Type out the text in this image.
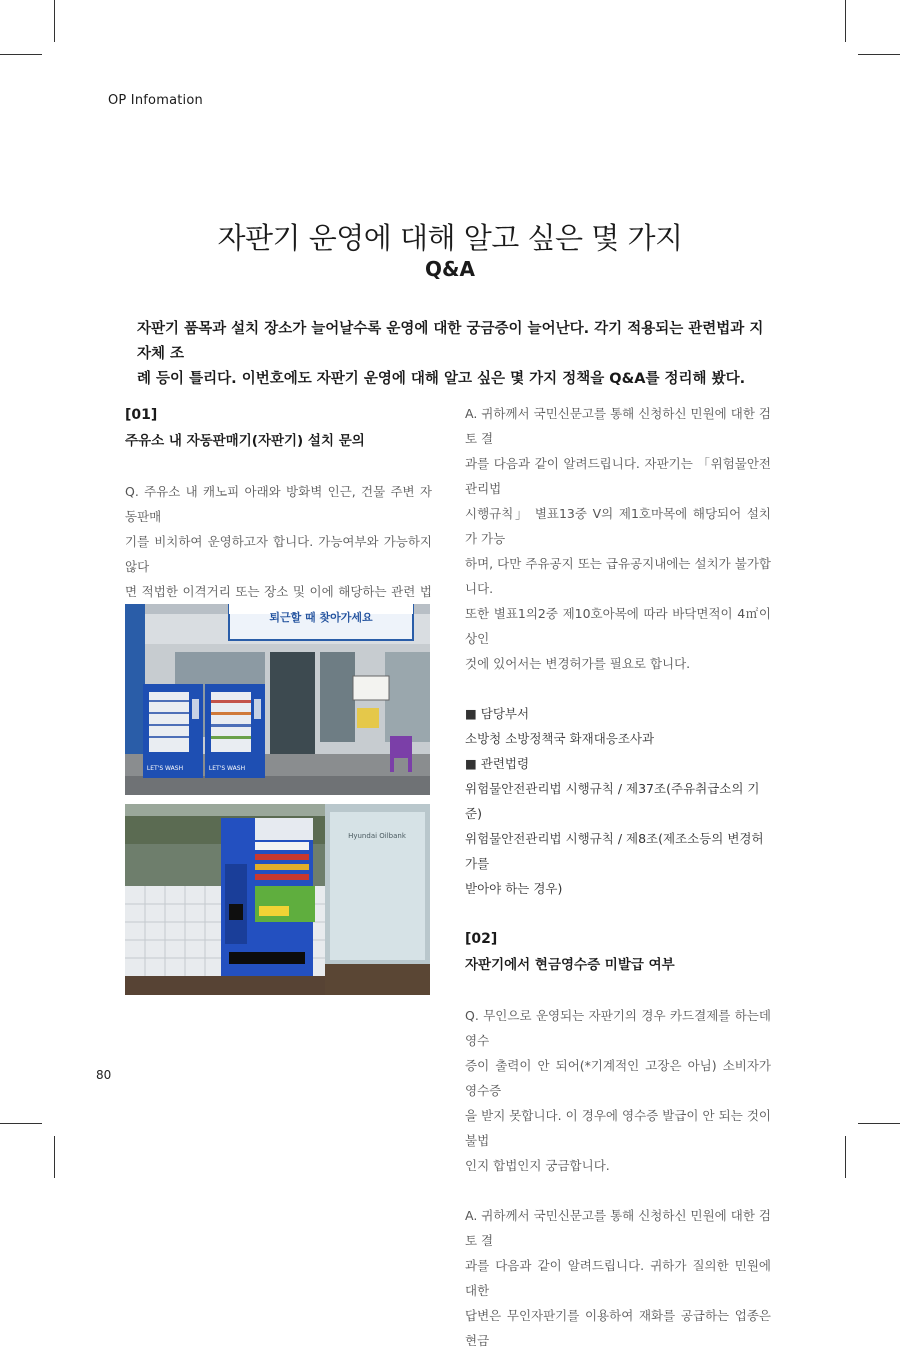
OP Infomation
자판기 운영에 대해 알고 싶은 몇 가지
Q&A
자판기 품목과 설치 장소가 늘어날수록 운영에 대한 궁금증이 늘어난다. 각기 적용되는 관련법과 지자체 조
례 등이 틀리다. 이번호에도 자판기 운영에 대해 알고 싶은 몇 가지 정책을 Q&A를 정리해 봤다.
[01]
주유소 내 자동판매기(자판기) 설치 문의
Q. 주유소 내 캐노피 아래와 방화벽 인근, 건물 주변 자동판매
기를 비치하여 운영하고자 합니다. 가능여부와 가능하지 않다
면 적법한 이격거리 또는 장소 및 이에 해당하는 관련 법
퇴근할 때 찾아가세요
LET'S WASH	LET'S WASH
Hyundai Oilbank
A. 귀하께서 국민신문고를 통해 신청하신 민원에 대한 검토 결
과를 다음과 같이 알려드립니다. 자판기는 「위험물안전관리법
시행규칙」 별표13중 V의 제1호마목에 해당되어 설치가 가능
하며, 다만 주유공지 또는 급유공지내에는 설치가 불가합니다.
또한 별표1의2중 제10호아목에 따라 바닥면적이 4㎡이상인
것에 있어서는 변경허가를 필요로 합니다.
■ 담당부서
소방청 소방정책국 화재대응조사과
■ 관련법령
위험물안전관리법 시행규칙 / 제37조(주유취급소의 기준)
위험물안전관리법 시행규칙 / 제8조(제조소등의 변경허가를
받아야 하는 경우)
[02]
자판기에서 현금영수증 미발급 여부
Q. 무인으로 운영되는 자판기의 경우 카드결제를 하는데 영수
증이 출력이 안 되어(*기계적인 고장은 아님) 소비자가 영수증
을 받지 못합니다. 이 경우에 영수증 발급이 안 되는 것이 불법
인지 합법인지 궁금합니다.
A. 귀하께서 국민신문고를 통해 신청하신 민원에 대한 검토 결
과를 다음과 같이 알려드립니다. 귀하가 질의한 민원에 대한
답변은 무인자판기를 이용하여 재화를 공급하는 업종은 현금
80
